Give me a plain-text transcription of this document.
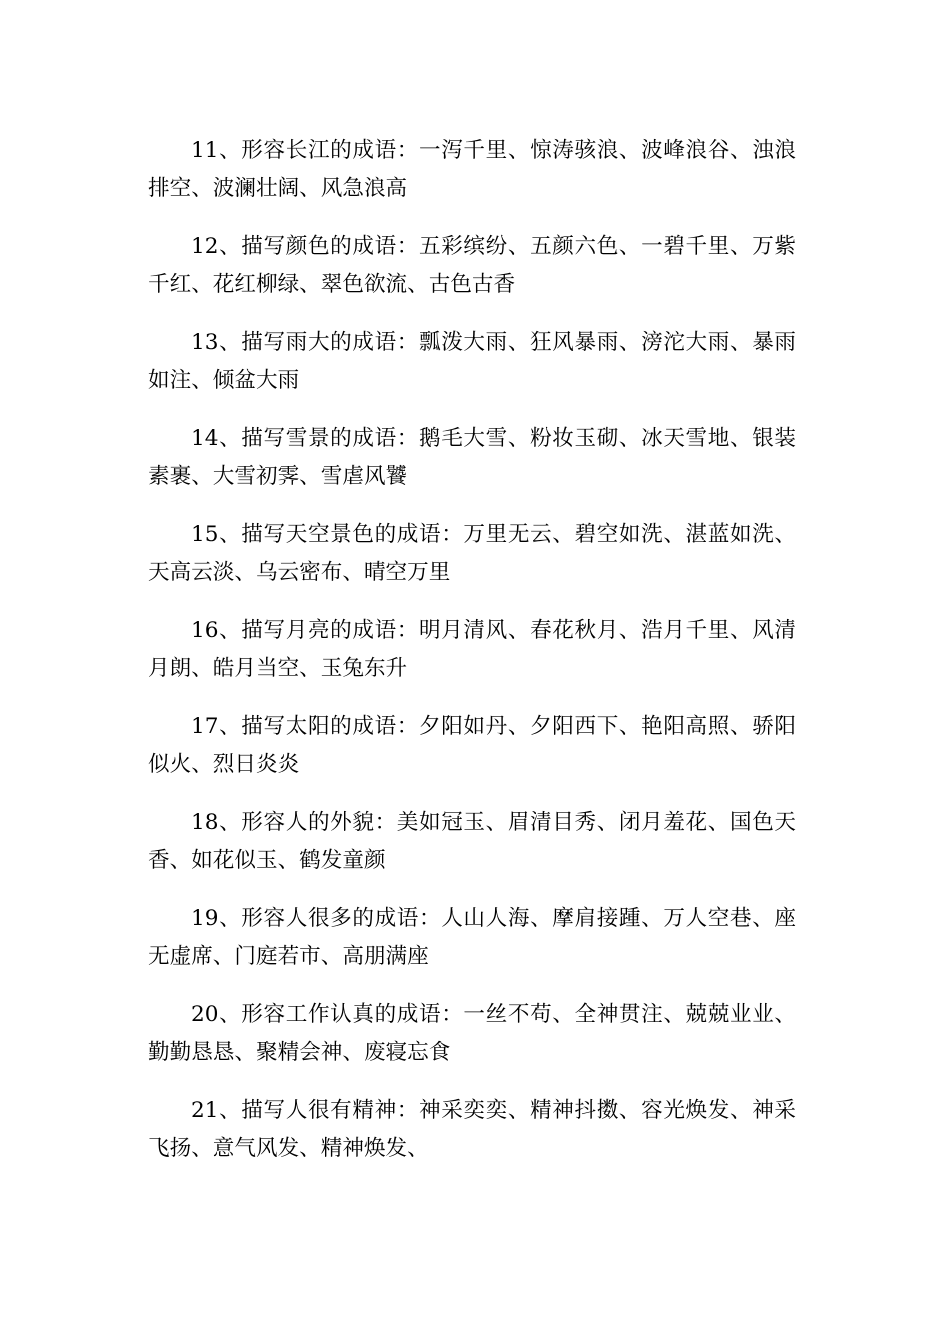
11、形容长江的成语：一泻千里、惊涛骇浪、波峰浪谷、浊浪排空、波澜壮阔、风急浪高

12、描写颜色的成语：五彩缤纷、五颜六色、一碧千里、万紫千红、花红柳绿、翠色欲流、古色古香

13、描写雨大的成语：瓢泼大雨、狂风暴雨、滂沱大雨、暴雨如注、倾盆大雨

14、描写雪景的成语：鹅毛大雪、粉妆玉砌、冰天雪地、银装素裹、大雪初霁、雪虐风饕

15、描写天空景色的成语：万里无云、碧空如洗、湛蓝如洗、天高云淡、乌云密布、晴空万里

16、描写月亮的成语：明月清风、春花秋月、浩月千里、风清月朗、皓月当空、玉兔东升

17、描写太阳的成语：夕阳如丹、夕阳西下、艳阳高照、骄阳似火、烈日炎炎

18、形容人的外貌：美如冠玉、眉清目秀、闭月羞花、国色天香、如花似玉、鹤发童颜

19、形容人很多的成语：人山人海、摩肩接踵、万人空巷、座无虚席、门庭若市、高朋满座

20、形容工作认真的成语：一丝不苟、全神贯注、兢兢业业、勤勤恳恳、聚精会神、废寝忘食

21、描写人很有精神：神采奕奕、精神抖擞、容光焕发、神采飞扬、意气风发、精神焕发、
